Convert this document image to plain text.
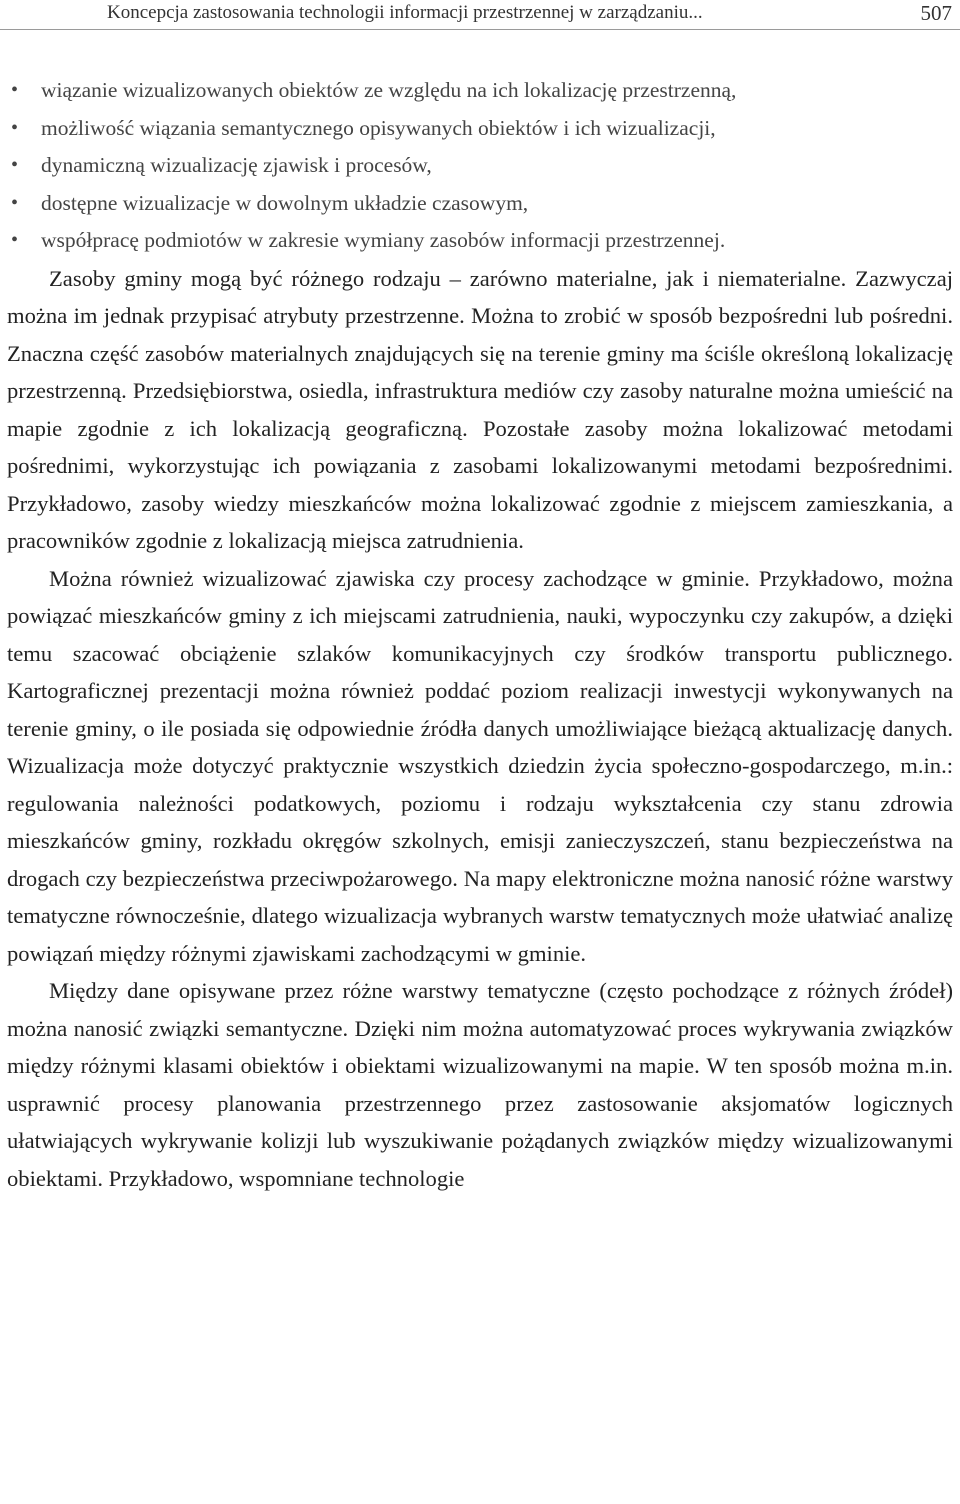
Koncepcja zastosowania technologii informacji przestrzennej w zarządzaniu...	507
• wiązanie wizualizowanych obiektów ze względu na ich lokalizację przestrzenną,
• możliwość wiązania semantycznego opisywanych obiektów i ich wizualizacji,
• dynamiczną wizualizację zjawisk i procesów,
• dostępne wizualizacje w dowolnym układzie czasowym,
• współpracę podmiotów w zakresie wymiany zasobów informacji przestrzennej.

Zasoby gminy mogą być różnego rodzaju – zarówno materialne, jak i niematerialne. Zazwyczaj można im jednak przypisać atrybuty przestrzenne. Można to zrobić w sposób bezpośredni lub pośredni. Znaczna część zasobów materialnych znajdujących się na terenie gminy ma ściśle określoną lokalizację przestrzenną. Przedsiębiorstwa, osiedla, infrastruktura mediów czy zasoby naturalne można umieścić na mapie zgodnie z ich lokalizacją geograficzną. Pozostałe zasoby można lokalizować metodami pośrednimi, wykorzystując ich powiązania z zasobami lokalizowanymi metodami bezpośrednimi. Przykładowo, zasoby wiedzy mieszkańców można lokalizować zgodnie z miejscem zamieszkania, a pracowników zgodnie z lokalizacją miejsca zatrudnienia.

Można również wizualizować zjawiska czy procesy zachodzące w gminie. Przykładowo, można powiązać mieszkańców gminy z ich miejscami zatrudnienia, nauki, wypoczynku czy zakupów, a dzięki temu szacować obciążenie szlaków komunikacyjnych czy środków transportu publicznego. Kartograficznej prezentacji można również poddać poziom realizacji inwestycji wykonywanych na terenie gminy, o ile posiada się odpowiednie źródła danych umożliwiające bieżącą aktualizację danych. Wizualizacja może dotyczyć praktycznie wszystkich dziedzin życia społeczno-gospodarczego, m.in.: regulowania należności podatkowych, poziomu i rodzaju wykształcenia czy stanu zdrowia mieszkańców gminy, rozkładu okręgów szkolnych, emisji zanieczyszczeń, stanu bezpieczeństwa na drogach czy bezpieczeństwa przeciwpożarowego. Na mapy elektroniczne można nanosić różne warstwy tematyczne równocześnie, dlatego wizualizacja wybranych warstw tematycznych może ułatwiać analizę powiązań między różnymi zjawiskami zachodzącymi w gminie.

Między dane opisywane przez różne warstwy tematyczne (często pochodzące z różnych źródeł) można nanosić związki semantyczne. Dzięki nim można automatyzować proces wykrywania związków między różnymi klasami obiektów i obiektami wizualizowanymi na mapie. W ten sposób można m.in. usprawnić procesy planowania przestrzennego przez zastosowanie aksjomatów logicznych ułatwiających wykrywanie kolizji lub wyszukiwanie pożądanych związków między wizualizowanymi obiektami. Przykładowo, wspomniane technologie
